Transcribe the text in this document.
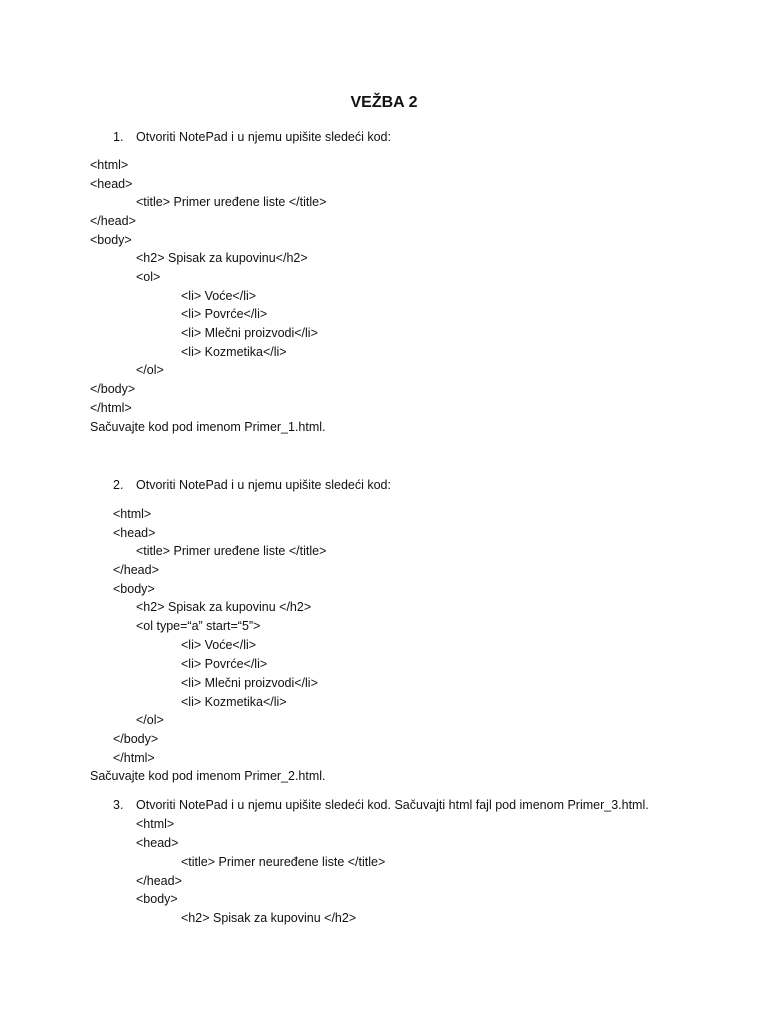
VEŽBA 2
1. Otvoriti NotePad i u njemu upišite sledeći kod:
<html>
<head>
<title> Primer uređene liste </title>
</head>
<body>
<h2> Spisak za kupovinu</h2>
<ol>
<li> Voće</li>
<li> Povrće</li>
<li> Mlečni proizvodi</li>
<li> Kozmetika</li>
</ol>
</body>
</html>
Sačuvajte kod pod imenom Primer_1.html.
2. Otvoriti NotePad i u njemu upišite sledeći kod:
<html>
<head>
<title> Primer uređene liste </title>
</head>
<body>
<h2> Spisak za kupovinu </h2>
<ol type=“a” start=“5”>
<li> Voće</li>
<li> Povrće</li>
<li> Mlečni proizvodi</li>
<li> Kozmetika</li>
</ol>
</body>
</html>
Sačuvajte kod pod imenom Primer_2.html.
3. Otvoriti NotePad i u njemu upišite sledeći kod. Sačuvajti html fajl pod imenom Primer_3.html.
<html>
<head>
<title> Primer neuređene liste </title>
</head>
<body>
<h2> Spisak za kupovinu </h2>
